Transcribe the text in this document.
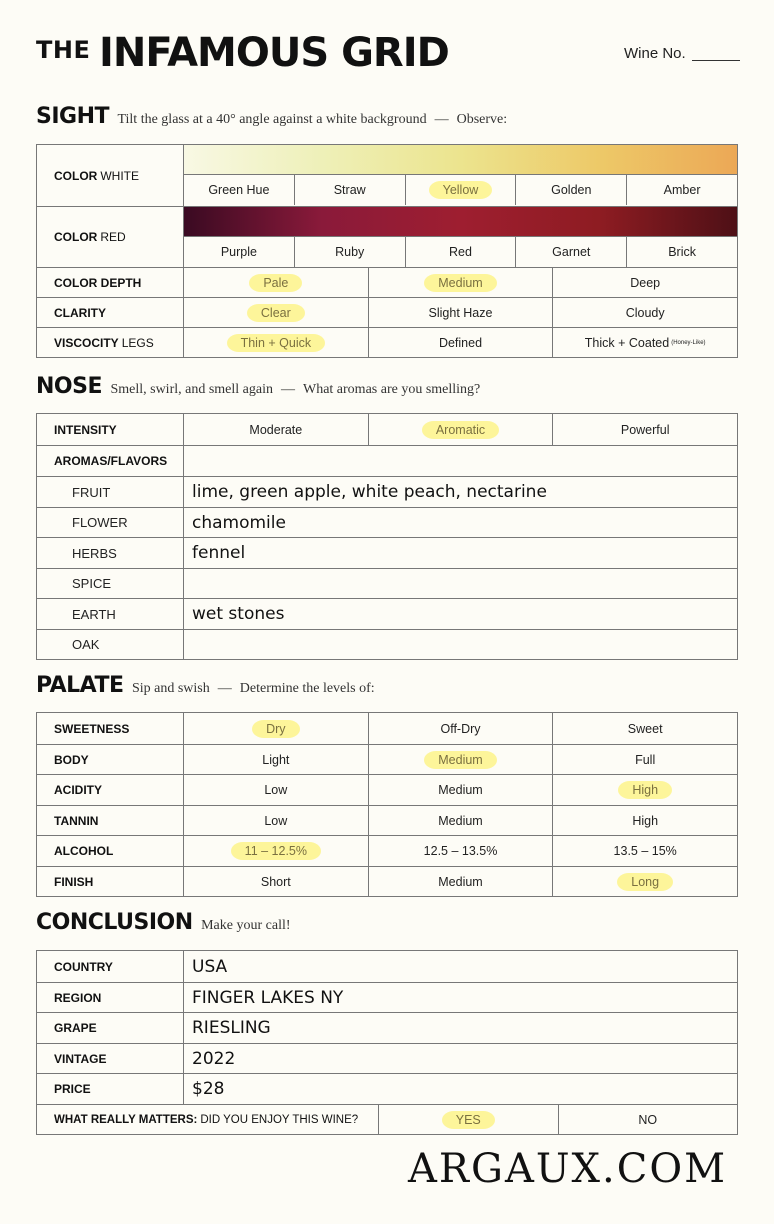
THE INFAMOUS GRID	Wine No.
SIGHT Tilt the glass at a 40° angle against a white background — Observe:
COLOR WHITE
Green Hue	Straw	Yellow	Golden	Amber
COLOR RED
Purple	Ruby	Red	Garnet	Brick
COLOR DEPTH	Pale	Medium	Deep
CLARITY	Clear	Slight Haze	Cloudy
VISCOCITY LEGS	Thin + Quick	Defined	Thick + Coated (Honey-Like)
NOSE Smell, swirl, and smell again — What aromas are you smelling?
INTENSITY	Moderate	Aromatic	Powerful
AROMAS/FLAVORS
FRUIT	lime, green apple, white peach, nectarine
FLOWER	chamomile
HERBS	fennel
SPICE
EARTH	wet stones
OAK
PALATE Sip and swish — Determine the levels of:
SWEETNESS	Dry	Off-Dry	Sweet
BODY	Light	Medium	Full
ACIDITY	Low	Medium	High
TANNIN	Low	Medium	High
ALCOHOL	11 – 12.5%	12.5 – 13.5%	13.5 – 15%
FINISH	Short	Medium	Long
CONCLUSION Make your call!
COUNTRY	USA
REGION	FINGER LAKES NY
GRAPE	RIESLING
VINTAGE	2022
PRICE	$28
WHAT REALLY MATTERS: DID YOU ENJOY THIS WINE?	YES	NO
ARGAUX.COM
